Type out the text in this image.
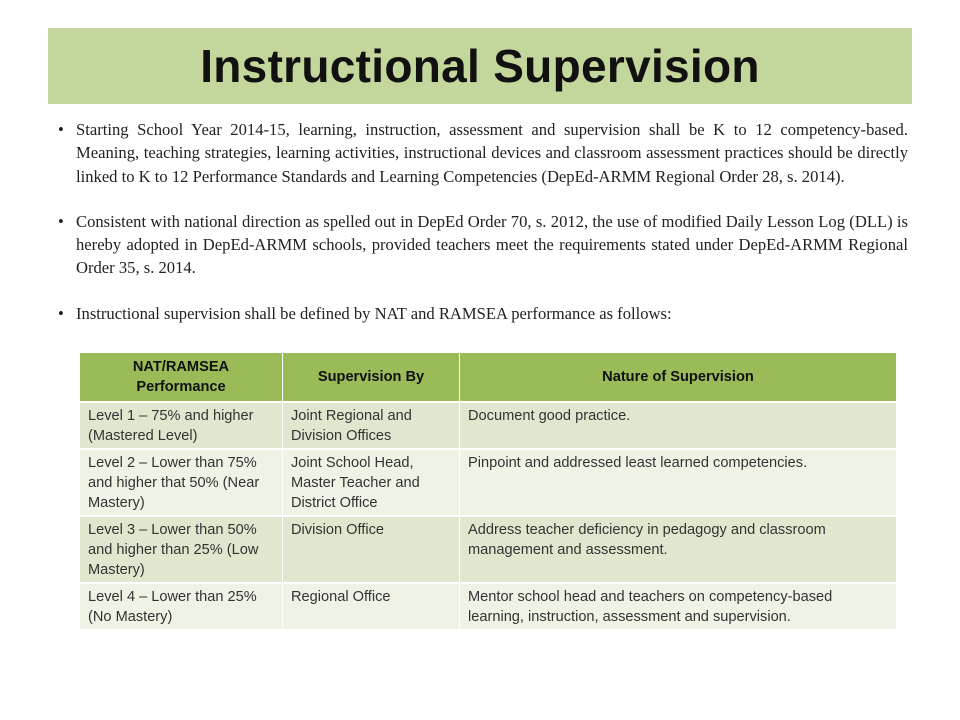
Instructional Supervision
• Starting School Year 2014-15, learning, instruction, assessment and supervision shall be K to 12 competency-based. Meaning, teaching strategies, learning activities, instructional devices and classroom assessment practices should be directly linked to K to 12 Performance Standards and Learning Competencies (DepEd-ARMM Regional Order 28, s. 2014).
• Consistent with national direction as spelled out in DepEd Order 70, s. 2012, the use of modified Daily Lesson Log (DLL) is hereby adopted in DepEd-ARMM schools, provided teachers meet the requirements stated under DepEd-ARMM Regional Order 35, s. 2014.
• Instructional supervision shall be defined by NAT and RAMSEA performance as follows:
NAT/RAMSEA Performance	Supervision By	Nature of Supervision
Level 1 – 75% and higher (Mastered Level)	Joint Regional and Division Offices	Document good practice.
Level 2 – Lower than 75% and higher that 50% (Near Mastery)	Joint School Head, Master Teacher and District Office	Pinpoint and addressed least learned competencies.
Level 3 – Lower than 50% and higher than 25% (Low Mastery)	Division Office	Address teacher deficiency in pedagogy and classroom management and assessment.
Level 4 – Lower than 25% (No Mastery)	Regional Office	Mentor school head and teachers on competency-based learning, instruction, assessment and supervision.
